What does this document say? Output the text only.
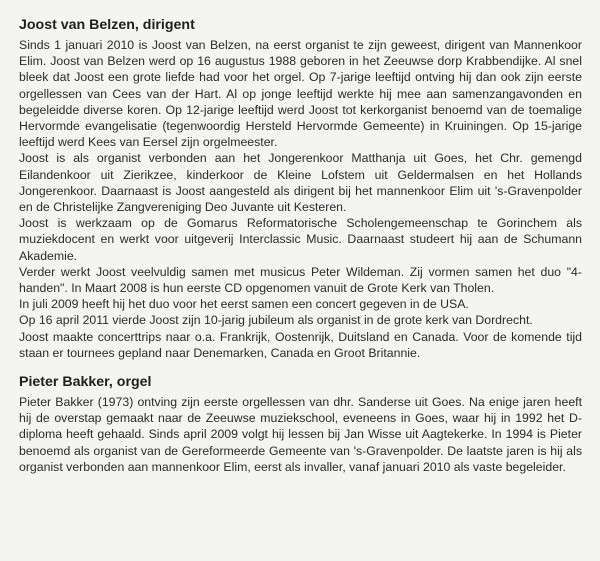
Joost van Belzen, dirigent

Sinds 1 januari 2010 is Joost van Belzen, na eerst organist te zijn geweest, dirigent van Mannenkoor Elim. Joost van Belzen werd op 16 augustus 1988 geboren in het Zeeuwse dorp Krabbendijke. Al snel bleek dat Joost een grote liefde had voor het orgel. Op 7-jarige leeftijd ontving hij dan ook zijn eerste orgellessen van Cees van der Hart. Al op jonge leeftijd werkte hij mee aan samenzangavonden en begeleidde diverse koren. Op 12-jarige leeftijd werd Joost tot kerkorganist benoemd van de toemalige Hervormde evangelisatie (tegenwoordig Hersteld Hervormde Gemeente) in Kruiningen. Op 15-jarige leeftijd werd Kees van Eersel zijn orgelmeester.

Joost is als organist verbonden aan het Jongerenkoor Matthanja uit Goes, het Chr. gemengd Eilandenkoor uit Zierikzee, kinderkoor de Kleine Lofstem uit Geldermalsen en het Hollands Jongerenkoor. Daarnaast is Joost aangesteld als dirigent bij het mannenkoor Elim uit 's-Gravenpolder en de Christelijke Zangvereniging Deo Juvante uit Kesteren.

Joost is werkzaam op de Gomarus Reformatorische Scholengemeenschap te Gorinchem als muziekdocent en werkt voor uitgeverij Interclassic Music. Daarnaast studeert hij aan de Schumann Akademie.

Verder werkt Joost veelvuldig samen met musicus Peter Wildeman. Zij vormen samen het duo "4-handen". In Maart 2008 is hun eerste CD opgenomen vanuit de Grote Kerk van Tholen.

In juli 2009 heeft hij het duo voor het eerst samen een concert gegeven in de USA.

Op 16 april 2011 vierde Joost zijn 10-jarig jubileum als organist in de grote kerk van Dordrecht.

Joost maakte concerttrips naar o.a. Frankrijk, Oostenrijk, Duitsland en Canada. Voor de komende tijd staan er tournees gepland naar Denemarken, Canada en Groot Britannie.

Pieter Bakker, orgel

Pieter Bakker (1973) ontving zijn eerste orgellessen van dhr. Sanderse uit Goes. Na enige jaren heeft hij de overstap gemaakt naar de Zeeuwse muziekschool, eveneens in Goes, waar hij in 1992 het D-diploma heeft gehaald. Sinds april 2009 volgt hij lessen bij Jan Wisse uit Aagtekerke. In 1994 is Pieter benoemd als organist van de Gereformeerde Gemeente van 's-Gravenpolder. De laatste jaren is hij als organist verbonden aan mannenkoor Elim, eerst als invaller, vanaf januari 2010 als vaste begeleider.
